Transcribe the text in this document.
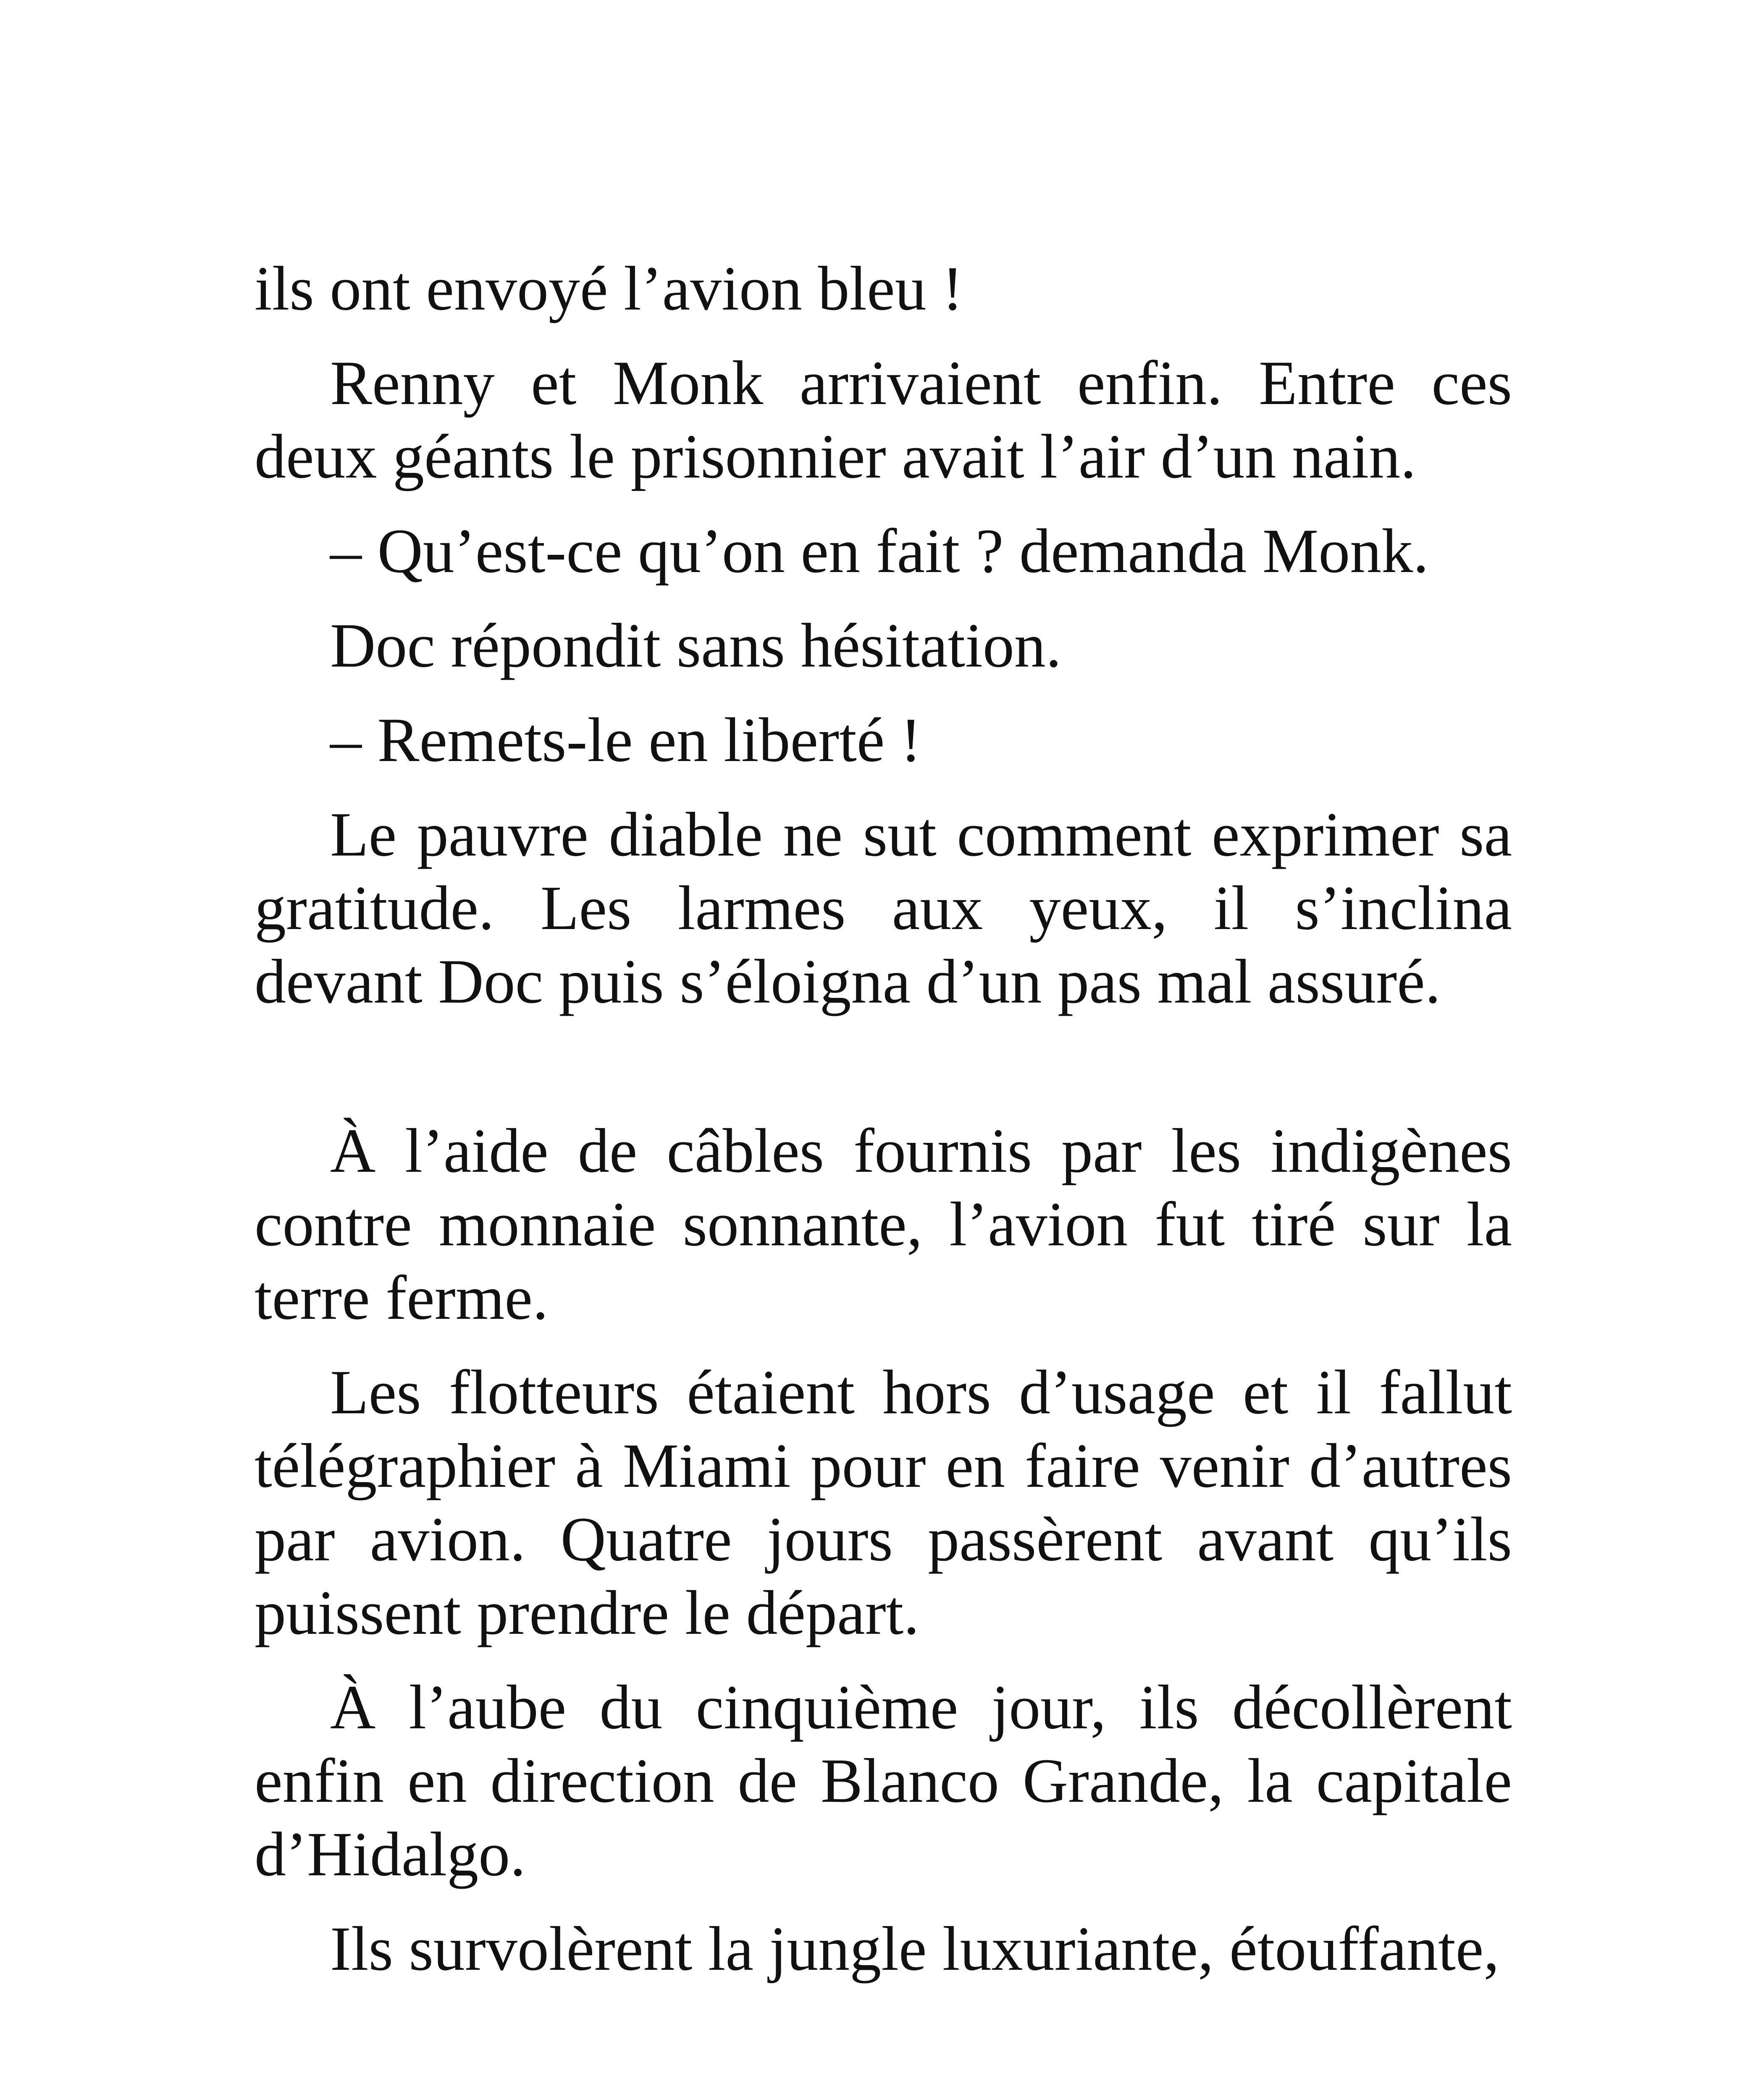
ils ont envoyé l’avion bleu !

Renny et Monk arrivaient enfin. Entre ces deux géants le prisonnier avait l’air d’un nain.

– Qu’est-ce qu’on en fait ? demanda Monk.

Doc répondit sans hésitation.

– Remets-le en liberté !

Le pauvre diable ne sut comment exprimer sa gratitude. Les larmes aux yeux, il s’inclina devant Doc puis s’éloigna d’un pas mal assuré.

À l’aide de câbles fournis par les indigènes contre monnaie sonnante, l’avion fut tiré sur la terre ferme.

Les flotteurs étaient hors d’usage et il fallut télégraphier à Miami pour en faire venir d’autres par avion. Quatre jours passèrent avant qu’ils puissent prendre le départ.

À l’aube du cinquième jour, ils décollèrent enfin en direction de Blanco Grande, la capitale d’Hidalgo.

Ils survolèrent la jungle luxuriante, étouffante,
